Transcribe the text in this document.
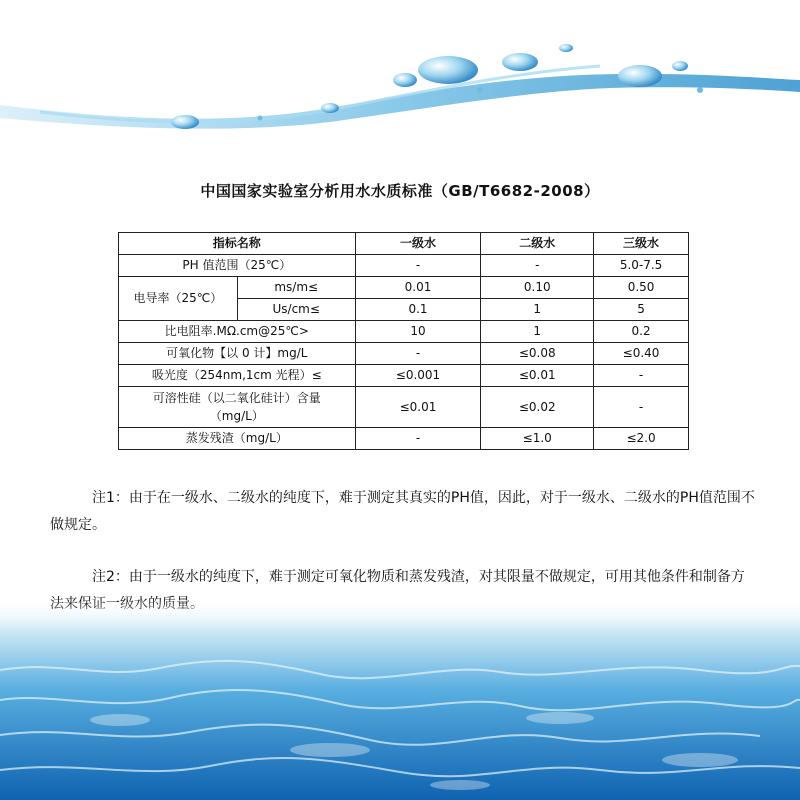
中国国家实验室分析用水水质标准（GB/T6682-2008）
指标名称		一级水	二级水	三级水
PH 值范围（25℃）		-	-	5.0-7.5
电导率（25℃）	ms/m≤	0.01	0.10	0.50
	Us/cm≤	0.1	1	5
比电阻率.MΩ.cm@25℃>		10	1	0.2
可氧化物【以 0 计】mg/L		-	≤0.08	≤0.40
吸光度（254nm,1cm 光程）≤		≤0.001	≤0.01	-

可溶性硅（以二氧化硅计）含量
（mg/L）		≤0.01	≤0.02	-
蒸发残渣（mg/L）		-	≤1.0	≤2.0

注1：由于在一级水、二级水的纯度下，难于测定其真实的PH值，因此，对于一级水、二级水的PH值范围不做规定。

注2：由于一级水的纯度下，难于测定可氧化物质和蒸发残渣，对其限量不做规定，可用其他条件和制备方
